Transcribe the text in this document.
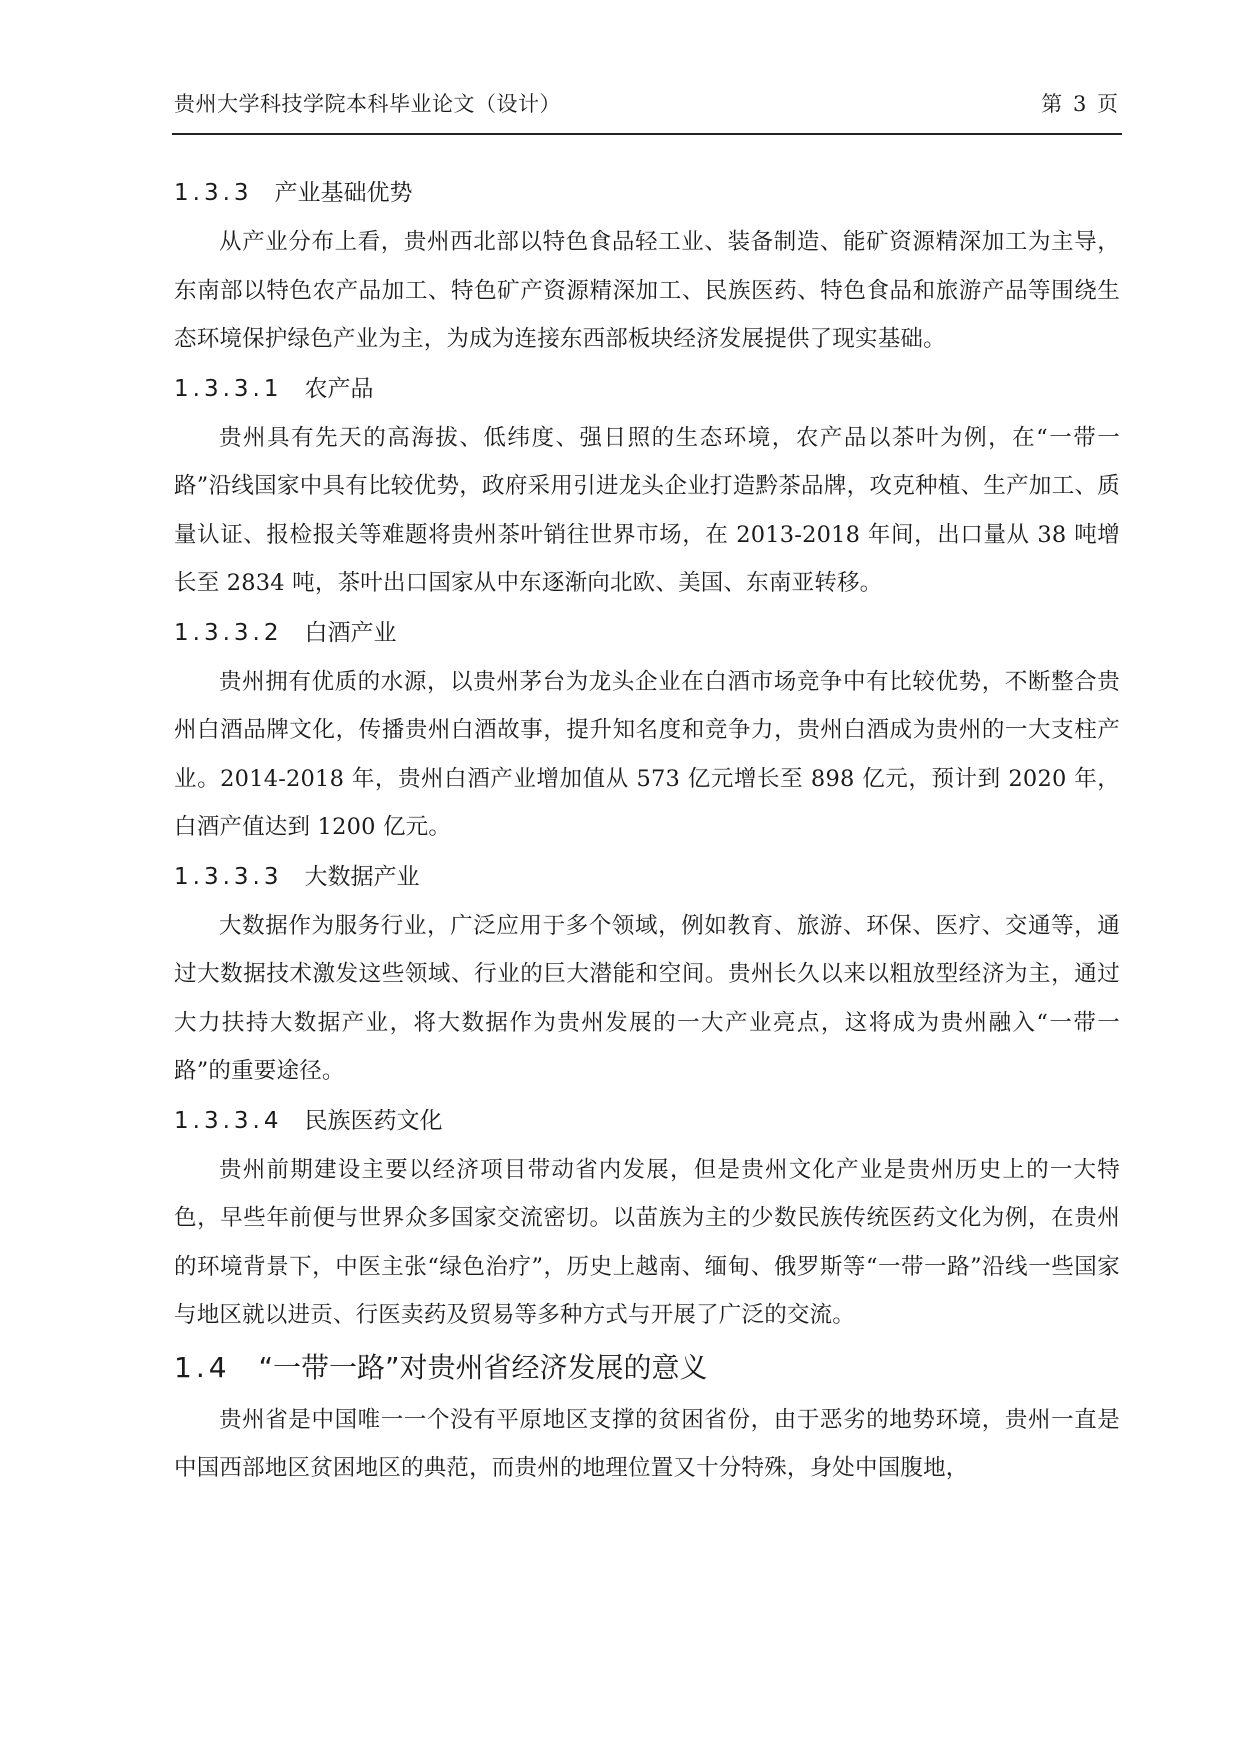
贵州大学科技学院本科毕业论文（设计）	第 3 页
1.3.3 产业基础优势

从产业分布上看，贵州西北部以特色食品轻工业、装备制造、能矿资源精深加工为主导，东南部以特色农产品加工、特色矿产资源精深加工、民族医药、特色食品和旅游产品等围绕生态环境保护绿色产业为主，为成为连接东西部板块经济发展提供了现实基础。

1.3.3.1 农产品

贵州具有先天的高海拔、低纬度、强日照的生态环境，农产品以茶叶为例，在“一带一路”沿线国家中具有比较优势，政府采用引进龙头企业打造黔茶品牌，攻克种植、生产加工、质量认证、报检报关等难题将贵州茶叶销往世界市场，在 2013-2018 年间，出口量从 38 吨增长至 2834 吨，茶叶出口国家从中东逐渐向北欧、美国、东南亚转移。

1.3.3.2 白酒产业

贵州拥有优质的水源，以贵州茅台为龙头企业在白酒市场竞争中有比较优势，不断整合贵州白酒品牌文化，传播贵州白酒故事，提升知名度和竞争力，贵州白酒成为贵州的一大支柱产业。2014-2018 年，贵州白酒产业增加值从 573 亿元增长至 898 亿元，预计到 2020 年，白酒产值达到 1200 亿元。

1.3.3.3 大数据产业

大数据作为服务行业，广泛应用于多个领域，例如教育、旅游、环保、医疗、交通等，通过大数据技术激发这些领域、行业的巨大潜能和空间。贵州长久以来以粗放型经济为主，通过大力扶持大数据产业，将大数据作为贵州发展的一大产业亮点，这将成为贵州融入“一带一路”的重要途径。

1.3.3.4 民族医药文化

贵州前期建设主要以经济项目带动省内发展，但是贵州文化产业是贵州历史上的一大特色，早些年前便与世界众多国家交流密切。以苗族为主的少数民族传统医药文化为例，在贵州的环境背景下，中医主张“绿色治疗”，历史上越南、缅甸、俄罗斯等“一带一路”沿线一些国家与地区就以进贡、行医卖药及贸易等多种方式与开展了广泛的交流。

1.4 “一带一路”对贵州省经济发展的意义

贵州省是中国唯一一个没有平原地区支撑的贫困省份，由于恶劣的地势环境，贵州一直是中国西部地区贫困地区的典范，而贵州的地理位置又十分特殊，身处中国腹地，
